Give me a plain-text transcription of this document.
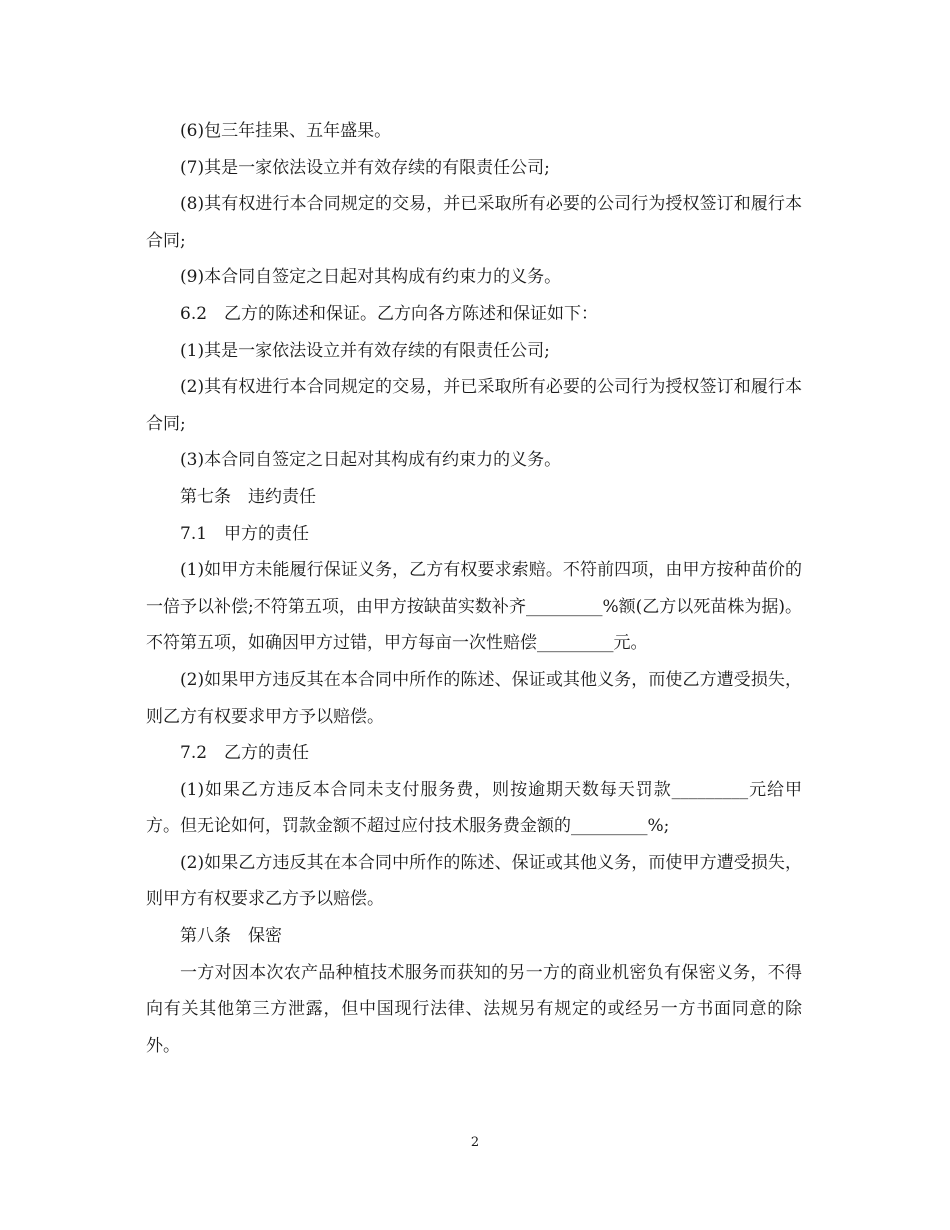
(6)包三年挂果、五年盛果。

(7)其是一家依法设立并有效存续的有限责任公司;

(8)其有权进行本合同规定的交易，并已采取所有必要的公司行为授权签订和履行本合同;

(9)本合同自签定之日起对其构成有约束力的义务。

6.2　乙方的陈述和保证。乙方向各方陈述和保证如下：

(1)其是一家依法设立并有效存续的有限责任公司;

(2)其有权进行本合同规定的交易，并已采取所有必要的公司行为授权签订和履行本合同;

(3)本合同自签定之日起对其构成有约束力的义务。

第七条　违约责任

7.1　甲方的责任

(1)如甲方未能履行保证义务，乙方有权要求索赔。不符前四项，由甲方按种苗价的一倍予以补偿;不符第五项，由甲方按缺苗实数补齐_________%额(乙方以死苗株为据)。不符第五项，如确因甲方过错，甲方每亩一次性赔偿_________元。

(2)如果甲方违反其在本合同中所作的陈述、保证或其他义务，而使乙方遭受损失，则乙方有权要求甲方予以赔偿。

7.2　乙方的责任

(1)如果乙方违反本合同未支付服务费，则按逾期天数每天罚款_________元给甲方。但无论如何，罚款金额不超过应付技术服务费金额的_________%;

(2)如果乙方违反其在本合同中所作的陈述、保证或其他义务，而使甲方遭受损失，则甲方有权要求乙方予以赔偿。

第八条　保密

一方对因本次农产品种植技术服务而获知的另一方的商业机密负有保密义务，不得向有关其他第三方泄露，但中国现行法律、法规另有规定的或经另一方书面同意的除外。

2
